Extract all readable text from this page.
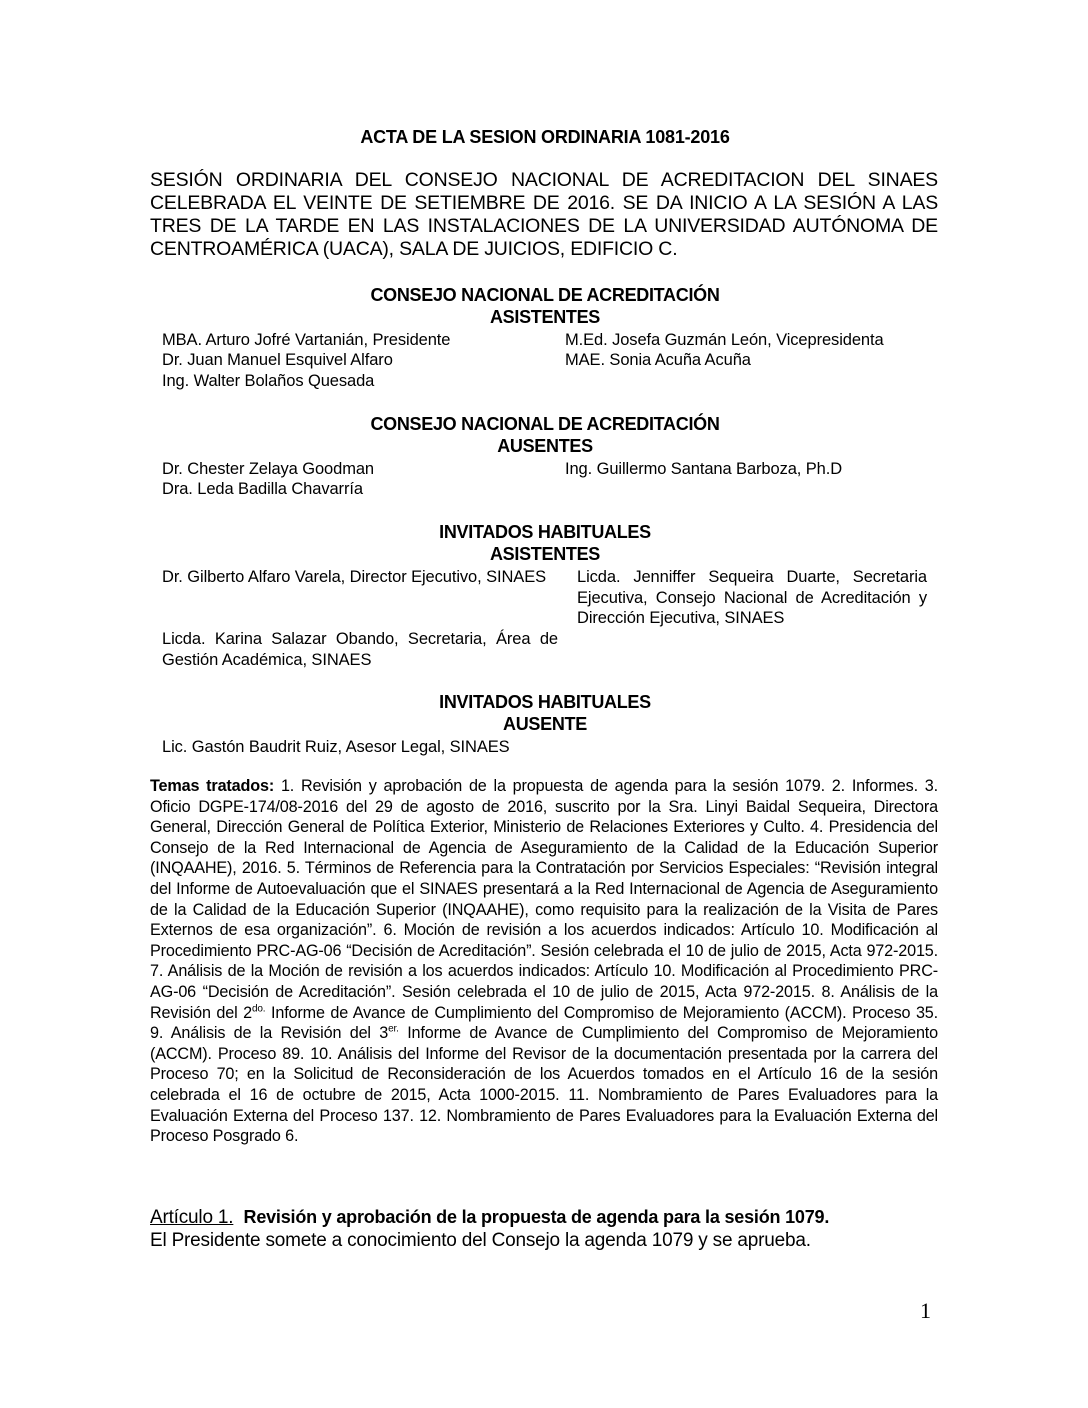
ACTA DE LA SESION ORDINARIA 1081-2016
SESIÓN ORDINARIA DEL CONSEJO NACIONAL DE ACREDITACION DEL SINAES CELEBRADA EL VEINTE DE SETIEMBRE DE 2016. SE DA INICIO A LA SESIÓN A LAS TRES DE LA TARDE EN LAS INSTALACIONES DE LA UNIVERSIDAD AUTÓNOMA DE CENTROAMÉRICA (UACA), SALA DE JUICIOS, EDIFICIO C.
CONSEJO NACIONAL DE ACREDITACIÓN
ASISTENTES
MBA. Arturo Jofré Vartanián, Presidente	M.Ed. Josefa Guzmán León, Vicepresidenta
Dr. Juan Manuel Esquivel Alfaro	MAE. Sonia Acuña Acuña
Ing. Walter Bolaños Quesada
CONSEJO NACIONAL DE ACREDITACIÓN
AUSENTES
Dr. Chester Zelaya Goodman	Ing. Guillermo Santana Barboza, Ph.D
Dra. Leda Badilla Chavarría
INVITADOS HABITUALES
ASISTENTES
Dr. Gilberto Alfaro Varela, Director Ejecutivo, SINAES	Licda. Jenniffer Sequeira Duarte, Secretaria Ejecutiva, Consejo Nacional de Acreditación y Dirección Ejecutiva, SINAES
Licda. Karina Salazar Obando, Secretaria, Área de Gestión Académica, SINAES
INVITADOS HABITUALES
AUSENTE
Lic. Gastón Baudrit Ruiz, Asesor Legal, SINAES
Temas tratados: 1. Revisión y aprobación de la propuesta de agenda para la sesión 1079. 2. Informes. 3. Oficio DGPE-174/08-2016 del 29 de agosto de 2016, suscrito por la Sra. Linyi Baidal Sequeira, Directora General, Dirección General de Política Exterior, Ministerio de Relaciones Exteriores y Culto. 4. Presidencia del Consejo de la Red Internacional de Agencia de Aseguramiento de la Calidad de la Educación Superior (INQAAHE), 2016. 5. Términos de Referencia para la Contratación por Servicios Especiales: “Revisión integral del Informe de Autoevaluación que el SINAES presentará a la Red Internacional de Agencia de Aseguramiento de la Calidad de la Educación Superior (INQAAHE), como requisito para la realización de la Visita de Pares Externos de esa organización”. 6. Moción de revisión a los acuerdos indicados: Artículo 10. Modificación al Procedimiento PRC-AG-06 “Decisión de Acreditación”. Sesión celebrada el 10 de julio de 2015, Acta 972-2015. 7. Análisis de la Moción de revisión a los acuerdos indicados: Artículo 10. Modificación al Procedimiento PRC-AG-06 “Decisión de Acreditación”. Sesión celebrada el 10 de julio de 2015, Acta 972-2015. 8. Análisis de la Revisión del $2^{do.}$ Informe de Avance de Cumplimiento del Compromiso de Mejoramiento (ACCM). Proceso 35. 9. Análisis de la Revisión del $3^{er.}$ Informe de Avance de Cumplimiento del Compromiso de Mejoramiento (ACCM). Proceso 89. 10. Análisis del Informe del Revisor de la documentación presentada por la carrera del Proceso 70; en la Solicitud de Reconsideración de los Acuerdos tomados en el Artículo 16 de la sesión celebrada el 16 de octubre de 2015, Acta 1000-2015. 11. Nombramiento de Pares Evaluadores para la Evaluación Externa del Proceso 137. 12. Nombramiento de Pares Evaluadores para la Evaluación Externa del Proceso Posgrado 6.
Artículo 1. Revisión y aprobación de la propuesta de agenda para la sesión 1079.
El Presidente somete a conocimiento del Consejo la agenda 1079 y se aprueba.
1
